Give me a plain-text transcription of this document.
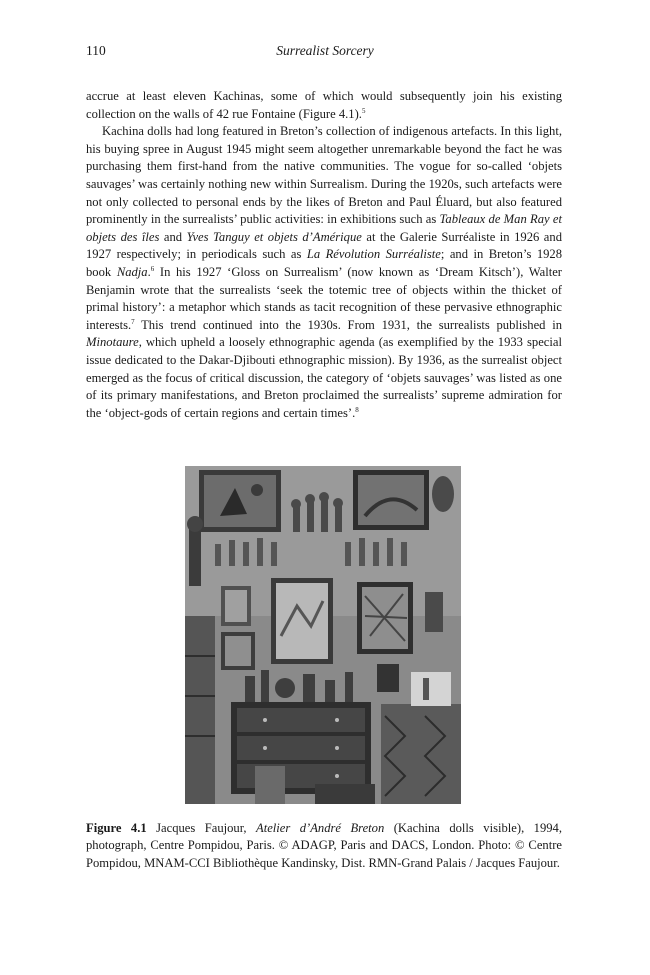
110	Surrealist Sorcery

accrue at least eleven Kachinas, some of which would subsequently join his existing collection on the walls of 42 rue Fontaine (Figure 4.1).$^5$

Kachina dolls had long featured in Breton’s collection of indigenous artefacts. In this light, his buying spree in August 1945 might seem altogether unremarkable beyond the fact he was purchasing them first-hand from the native communities. The vogue for so-called ‘objets sauvages’ was certainly nothing new within Surrealism. During the 1920s, such artefacts were not only collected to personal ends by the likes of Breton and Paul Éluard, but also featured prominently in the surrealists’ public activities: in exhibitions such as Tableaux de Man Ray et objets des îles and Yves Tanguy et objets d’Amérique at the Galerie Surréaliste in 1926 and 1927 respectively; in periodicals such as La Révolution Surréaliste; and in Breton’s 1928 book Nadja.$^6$ In his 1927 ‘Gloss on Surrealism’ (now known as ‘Dream Kitsch’), Walter Benjamin wrote that the surrealists ‘seek the totemic tree of objects within the thicket of primal history’: a metaphor which stands as tacit recognition of these pervasive ethnographic interests.$^7$ This trend continued into the 1930s. From 1931, the surrealists published in Minotaure, which upheld a loosely ethnographic agenda (as exemplified by the 1933 special issue dedicated to the Dakar-Djibouti ethnographic mission). By 1936, as the surrealist object emerged as the focus of critical discussion, the category of ‘objets sauvages’ was listed as one of its primary manifestations, and Breton proclaimed the surrealists’ supreme admiration for the ‘object-gods of certain regions and certain times’.$^8$

Figure 4.1 Jacques Faujour, Atelier d’André Breton (Kachina dolls visible), 1994, photograph, Centre Pompidou, Paris. © ADAGP, Paris and DACS, London. Photo: © Centre Pompidou, MNAM-CCI Bibliothèque Kandinsky, Dist. RMN-Grand Palais / Jacques Faujour.
